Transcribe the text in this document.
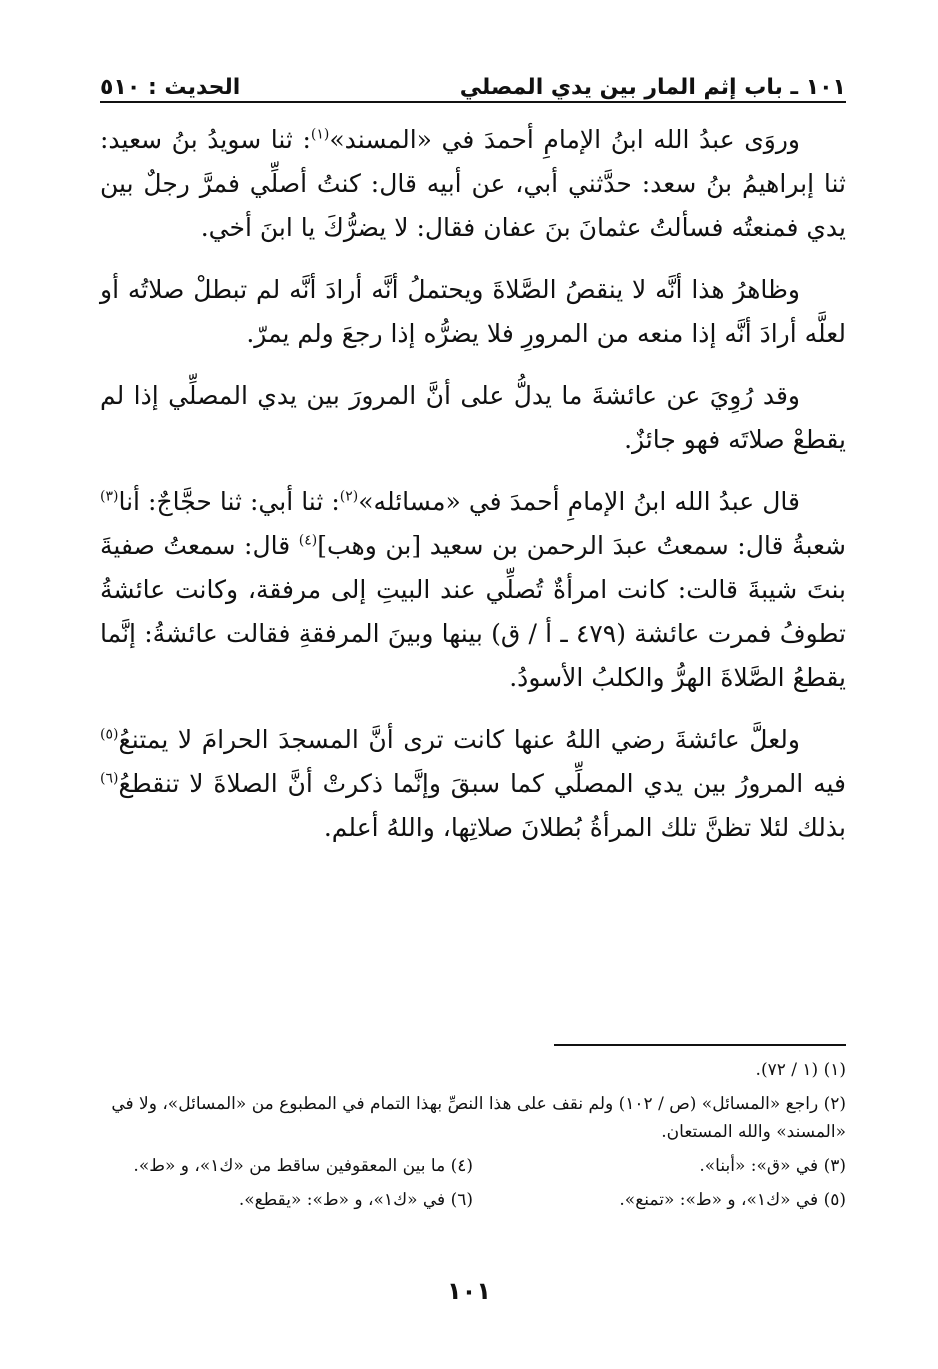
١٠١ ـ باب إثم المار بين يدي المصلي
الحديث : ٥١٠

وروَى عبدُ الله ابنُ الإمامِ أحمدَ في «المسند»$^{(١)}$: ثنا سويدُ بنُ سعيد: ثنا إبراهيمُ بنُ سعد: حدَّثني أبي، عن أبيه قال: كنتُ أصلِّي فمرَّ رجلٌ بين يدي فمنعتُه فسألتُ عثمانَ بنَ عفان فقال: لا يضرُّكَ يا ابنَ أخي.

وظاهرُ هذا أنَّه لا ينقصُ الصَّلاةَ ويحتملُ أنَّه أرادَ أنَّه لم تبطلْ صلاتُه أو لعلَّه أرادَ أنَّه إذا منعه من المرورِ فلا يضرُّه إذا رجعَ ولم يمرّ.

وقد رُوِيَ عن عائشةَ ما يدلُّ على أنَّ المرورَ بين يدي المصلِّي إذا لم يقطعْ صلاتَه فهو جائزٌ.

قال عبدُ الله ابنُ الإمامِ أحمدَ في «مسائله»$^{(٢)}$: ثنا أبي: ثنا حجَّاجٌ: أنا$^{(٣)}$ شعبةُ قال: سمعتُ عبدَ الرحمن بن سعيد [بن وهب]$^{(٤)}$ قال: سمعتُ صفيةَ بنتَ شيبةَ قالت: كانت امرأةٌ تُصلِّي عند البيتِ إلى مرفقة، وكانت عائشةُ تطوفُ فمرت عائشة (٤٧٩ ـ أ / ق) بينها وبينَ المرفقةِ فقالت عائشةُ: إنَّما يقطعُ الصَّلاةَ الهرُّ والكلبُ الأسودُ.

ولعلَّ عائشةَ رضي اللهُ عنها كانت ترى أنَّ المسجدَ الحرامَ لا يمتنعُ$^{(٥)}$ فيه المرورُ بين يدي المصلِّي كما سبقَ وإنَّما ذكرتْ أنَّ الصلاةَ لا تنقطعُ$^{(٦)}$ بذلك لئلا تظنَّ تلك المرأةُ بُطلانَ صلاتِها، واللهُ أعلم.

(١) (١ / ٧٢).
(٢) راجع «المسائل» (ص / ١٠٢) ولم نقف على هذا النصِّ بهذا التمام في المطبوع من «المسائل»، ولا في «المسند» والله المستعان.
(٣) في «ق»: «أبنا».
(٤) ما بين المعقوفين ساقط من «ك١»، و «ط».
(٥) في «ك١»، و «ط»: «تمنع».
(٦) في «ك١»، و «ط»: «يقطع».
١٠١
